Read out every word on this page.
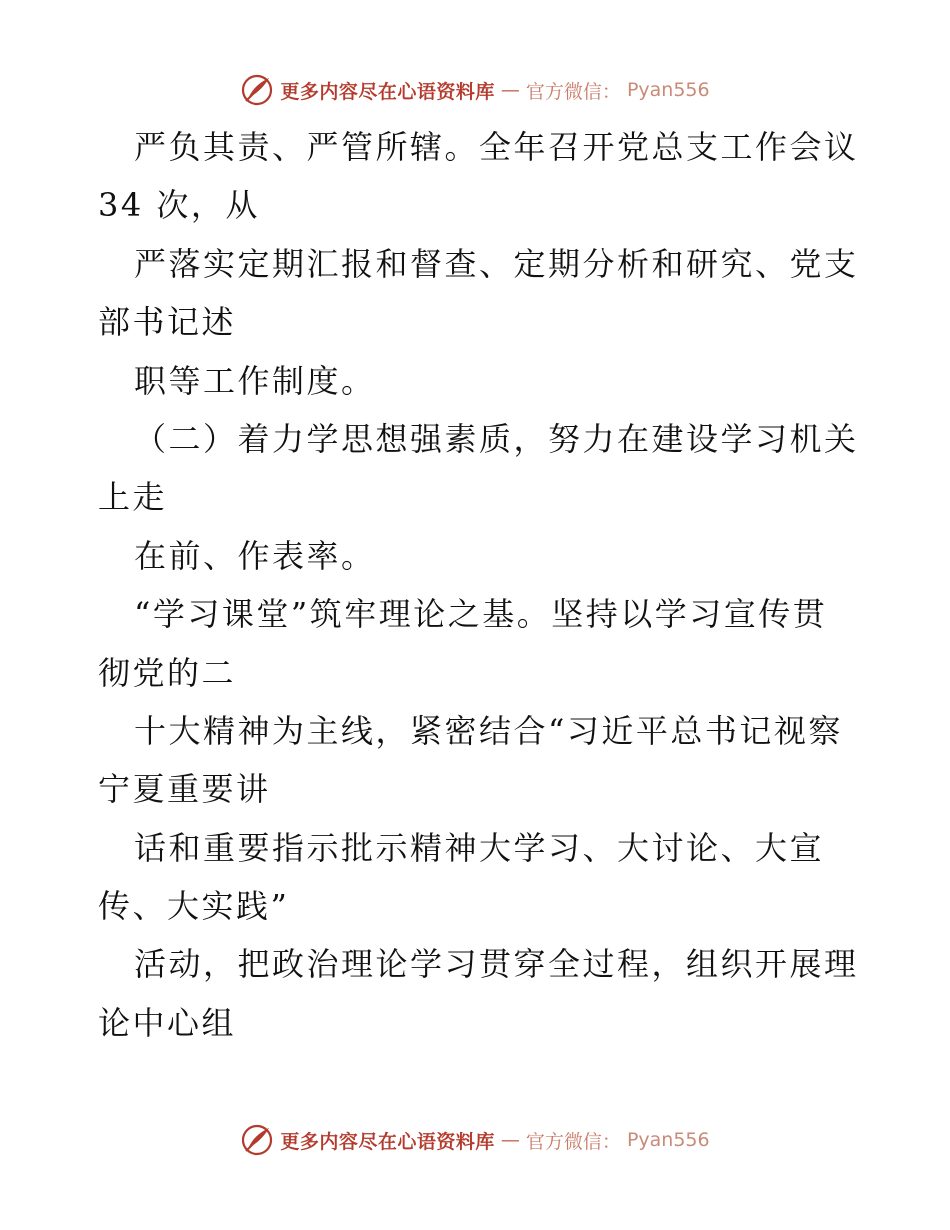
更多内容尽在心语资料库 — 官方微信： Pyan556
严负其责、严管所辖。全年召开党总支工作会议
34 次，从
严落实定期汇报和督查、定期分析和研究、党支
部书记述
职等工作制度。
（二）着力学思想强素质，努力在建设学习机关
上走
在前、作表率。
“学习课堂”筑牢理论之基。坚持以学习宣传贯
彻党的二
十大精神为主线，紧密结合“习近平总书记视察
宁夏重要讲
话和重要指示批示精神大学习、大讨论、大宣
传、大实践”
活动，把政治理论学习贯穿全过程，组织开展理
论中心组
更多内容尽在心语资料库 — 官方微信： Pyan556
